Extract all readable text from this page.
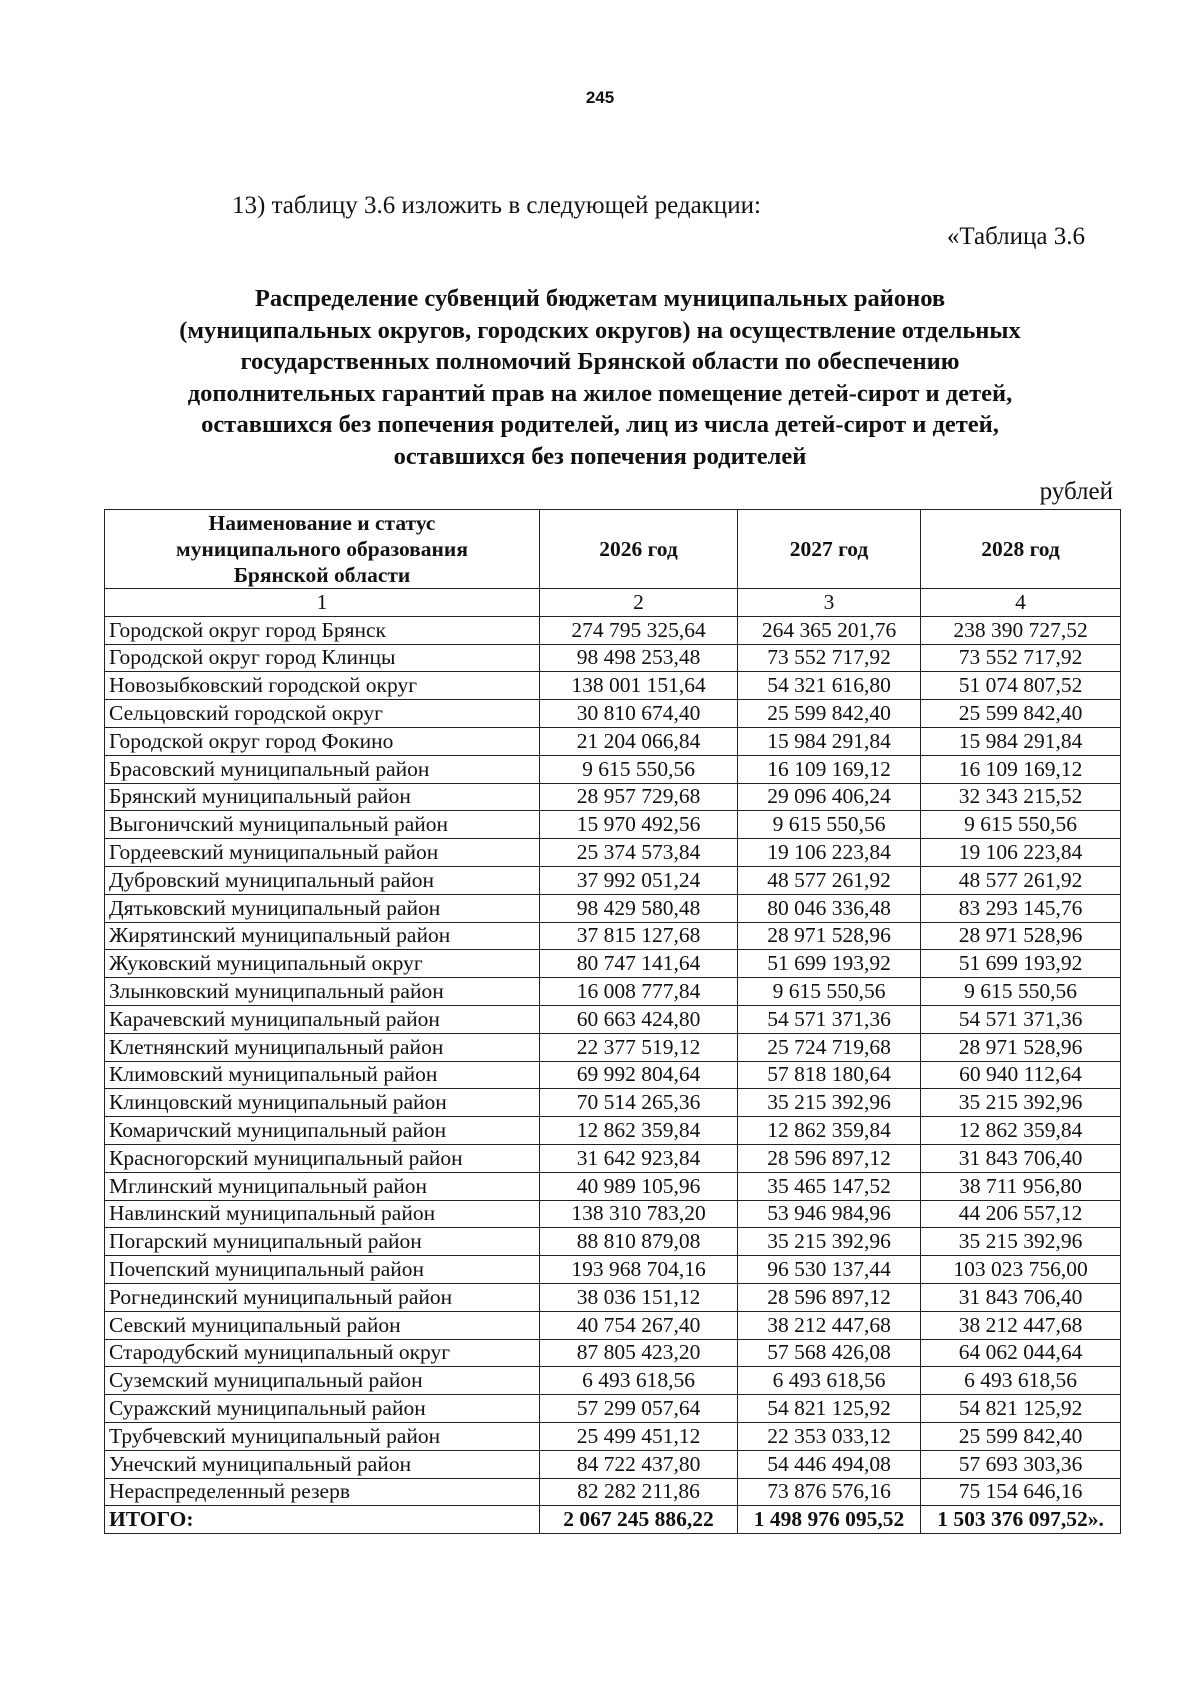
245
13) таблицу 3.6 изложить в следующей редакции:
«Таблица 3.6
Распределение субвенций бюджетам муниципальных районов
(муниципальных округов, городских округов) на осуществление отдельных
государственных полномочий Брянской области по обеспечению
дополнительных гарантий прав на жилое помещение детей-сирот и детей,
оставшихся без попечения родителей, лиц из числа детей-сирот и детей,
оставшихся без попечения родителей
рублей
Наименование и статус
муниципального образования
Брянской области	2026 год	2027 год	2028 год
1	2	3	4
Городской округ город Брянск	274 795 325,64	264 365 201,76	238 390 727,52
Городской округ город Клинцы	98 498 253,48	73 552 717,92	73 552 717,92
Новозыбковский городской округ	138 001 151,64	54 321 616,80	51 074 807,52
Сельцовский городской округ	30 810 674,40	25 599 842,40	25 599 842,40
Городской округ город Фокино	21 204 066,84	15 984 291,84	15 984 291,84
Брасовский муниципальный район	9 615 550,56	16 109 169,12	16 109 169,12
Брянский муниципальный район	28 957 729,68	29 096 406,24	32 343 215,52
Выгоничский муниципальный район	15 970 492,56	9 615 550,56	9 615 550,56
Гордеевский муниципальный район	25 374 573,84	19 106 223,84	19 106 223,84
Дубровский муниципальный район	37 992 051,24	48 577 261,92	48 577 261,92
Дятьковский муниципальный район	98 429 580,48	80 046 336,48	83 293 145,76
Жирятинский муниципальный район	37 815 127,68	28 971 528,96	28 971 528,96
Жуковский муниципальный округ	80 747 141,64	51 699 193,92	51 699 193,92
Злынковский муниципальный район	16 008 777,84	9 615 550,56	9 615 550,56
Карачевский муниципальный район	60 663 424,80	54 571 371,36	54 571 371,36
Клетнянский муниципальный район	22 377 519,12	25 724 719,68	28 971 528,96
Климовский муниципальный район	69 992 804,64	57 818 180,64	60 940 112,64
Клинцовский муниципальный район	70 514 265,36	35 215 392,96	35 215 392,96
Комаричский муниципальный район	12 862 359,84	12 862 359,84	12 862 359,84
Красногорский муниципальный район	31 642 923,84	28 596 897,12	31 843 706,40
Мглинский муниципальный район	40 989 105,96	35 465 147,52	38 711 956,80
Навлинский муниципальный район	138 310 783,20	53 946 984,96	44 206 557,12
Погарский муниципальный район	88 810 879,08	35 215 392,96	35 215 392,96
Почепский муниципальный район	193 968 704,16	96 530 137,44	103 023 756,00
Рогнединский муниципальный район	38 036 151,12	28 596 897,12	31 843 706,40
Севский муниципальный район	40 754 267,40	38 212 447,68	38 212 447,68
Стародубский муниципальный округ	87 805 423,20	57 568 426,08	64 062 044,64
Суземский муниципальный район	6 493 618,56	6 493 618,56	6 493 618,56
Суражский муниципальный район	57 299 057,64	54 821 125,92	54 821 125,92
Трубчевский муниципальный район	25 499 451,12	22 353 033,12	25 599 842,40
Унечский муниципальный район	84 722 437,80	54 446 494,08	57 693 303,36
Нераспределенный резерв	82 282 211,86	73 876 576,16	75 154 646,16
ИТОГО:	2 067 245 886,22	1 498 976 095,52	1 503 376 097,52».
